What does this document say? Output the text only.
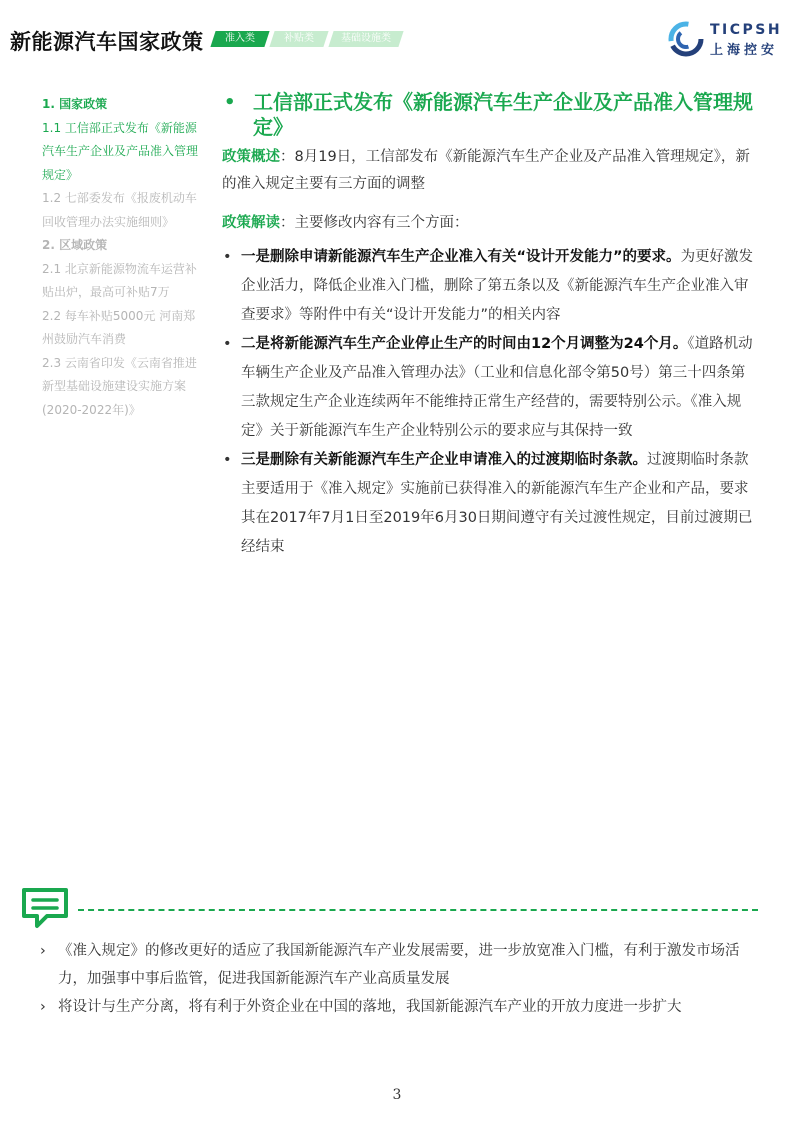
新能源汽车国家政策	准入类	补贴类	基础设施类
TICPSH
上海控安
1. 国家政策
1.1 工信部正式发布《新能源汽车生产企业及产品准入管理规定》
1.2 七部委发布《报废机动车回收管理办法实施细则》
2. 区域政策
2.1 北京新能源物流车运营补贴出炉，最高可补贴7万
2.2 每车补贴5000元 河南郑州鼓励汽车消费
2.3 云南省印发《云南省推进新型基础设施建设实施方案(2020-2022年)》
• 工信部正式发布《新能源汽车生产企业及产品准入管理规定》
政策概述：8月19日，工信部发布《新能源汽车生产企业及产品准入管理规定》，新的准入规定主要有三方面的调整
政策解读：主要修改内容有三个方面：
• 一是删除申请新能源汽车生产企业准入有关“设计开发能力”的要求。为更好激发企业活力，降低企业准入门槛，删除了第五条以及《新能源汽车生产企业准入审查要求》等附件中有关“设计开发能力”的相关内容
• 二是将新能源汽车生产企业停止生产的时间由12个月调整为24个月。《道路机动车辆生产企业及产品准入管理办法》（工业和信息化部令第50号）第三十四条第三款规定生产企业连续两年不能维持正常生产经营的，需要特别公示。《准入规定》关于新能源汽车生产企业特别公示的要求应与其保持一致
• 三是删除有关新能源汽车生产企业申请准入的过渡期临时条款。过渡期临时条款主要适用于《准入规定》实施前已获得准入的新能源汽车生产企业和产品，要求其在2017年7月1日至2019年6月30日期间遵守有关过渡性规定，目前过渡期已经结束
› 《准入规定》的修改更好的适应了我国新能源汽车产业发展需要，进一步放宽准入门槛，有利于激发市场活力，加强事中事后监管，促进我国新能源汽车产业高质量发展
› 将设计与生产分离，将有利于外资企业在中国的落地，我国新能源汽车产业的开放力度进一步扩大
3
